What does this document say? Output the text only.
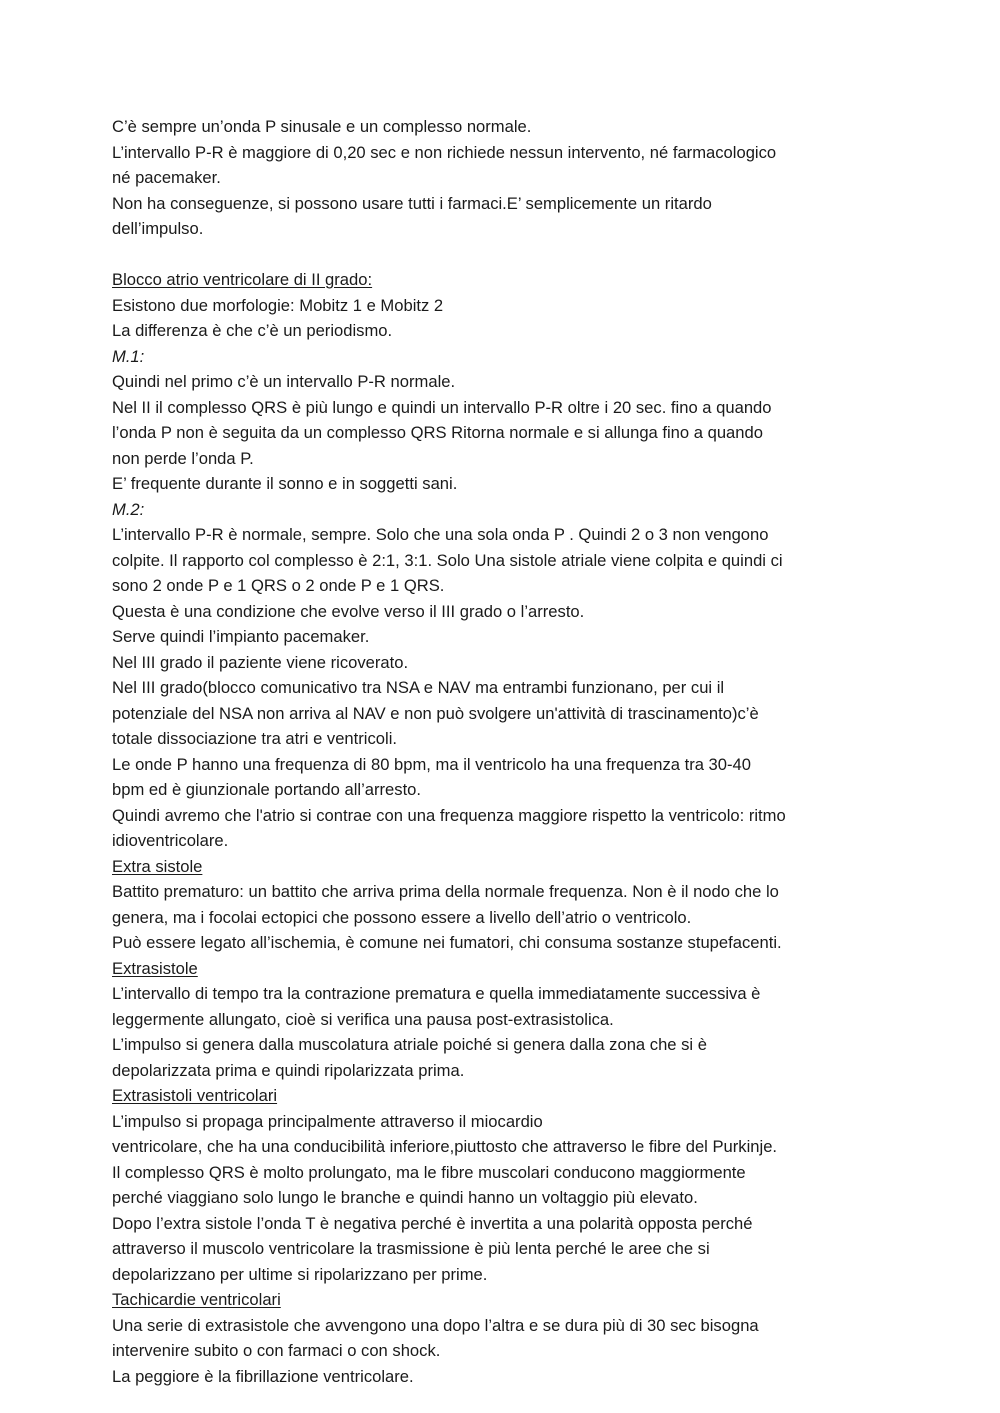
C’è sempre un’onda P sinusale e un complesso normale.
L’intervallo P-R è maggiore di 0,20 sec e non richiede nessun intervento, né farmacologico
né pacemaker.
Non ha conseguenze, si possono usare tutti i farmaci.E’ semplicemente un ritardo
dell’impulso.
Blocco atrio ventricolare di II grado:
Esistono due morfologie: Mobitz 1 e Mobitz 2
La differenza è che c’è un periodismo.
M.1:
Quindi nel primo c’è un intervallo P-R normale.
Nel II il complesso QRS è più lungo e quindi un intervallo P-R oltre i 20 sec. fino a quando
l’onda P non è seguita da un complesso QRS Ritorna normale e si allunga fino a quando
non perde l’onda P.
E’ frequente durante il sonno e in soggetti sani.
M.2:
L’intervallo P-R è normale, sempre. Solo che una sola onda P . Quindi 2 o 3 non vengono
colpite. Il rapporto col complesso è 2:1, 3:1. Solo Una sistole atriale viene colpita e quindi ci
sono 2 onde P e 1 QRS o 2 onde P e 1 QRS.
Questa è una condizione che evolve verso il III grado o l’arresto.
Serve quindi l’impianto pacemaker.
Nel III grado il paziente viene ricoverato.
Nel III grado(blocco comunicativo tra NSA e NAV ma entrambi funzionano, per cui il
potenziale del NSA non arriva al NAV e non può svolgere un'attività di trascinamento)c’è
totale dissociazione tra atri e ventricoli.
Le onde P hanno una frequenza di 80 bpm, ma il ventricolo ha una frequenza tra 30-40
bpm ed è giunzionale portando all’arresto.
Quindi avremo che l'atrio si contrae con una frequenza maggiore rispetto la ventricolo: ritmo
idioventricolare.
Extra sistole
Battito prematuro: un battito che arriva prima della normale frequenza. Non è il nodo che lo
genera, ma i focolai ectopici che possono essere a livello dell’atrio o ventricolo.
Può essere legato all’ischemia, è comune nei fumatori, chi consuma sostanze stupefacenti.
Extrasistole
L’intervallo di tempo tra la contrazione prematura e quella immediatamente successiva è
leggermente allungato, cioè si verifica una pausa post-extrasistolica.
L’impulso si genera dalla muscolatura atriale poiché si genera dalla zona che si è
depolarizzata prima e quindi ripolarizzata prima.
Extrasistoli ventricolari
L’impulso si propaga principalmente attraverso il miocardio
ventricolare, che ha una conducibilità inferiore,piuttosto che attraverso le fibre del Purkinje.
Il complesso QRS è molto prolungato, ma le fibre muscolari conducono maggiormente
perché viaggiano solo lungo le branche e quindi hanno un voltaggio più elevato.
Dopo l’extra sistole l’onda T è negativa perché è invertita a una polarità opposta perché
attraverso il muscolo ventricolare la trasmissione è più lenta perché le aree che si
depolarizzano per ultime si ripolarizzano per prime.
Tachicardie ventricolari
Una serie di extrasistole che avvengono una dopo l’altra e se dura più di 30 sec bisogna
intervenire subito o con farmaci o con shock.
La peggiore è la fibrillazione ventricolare.
